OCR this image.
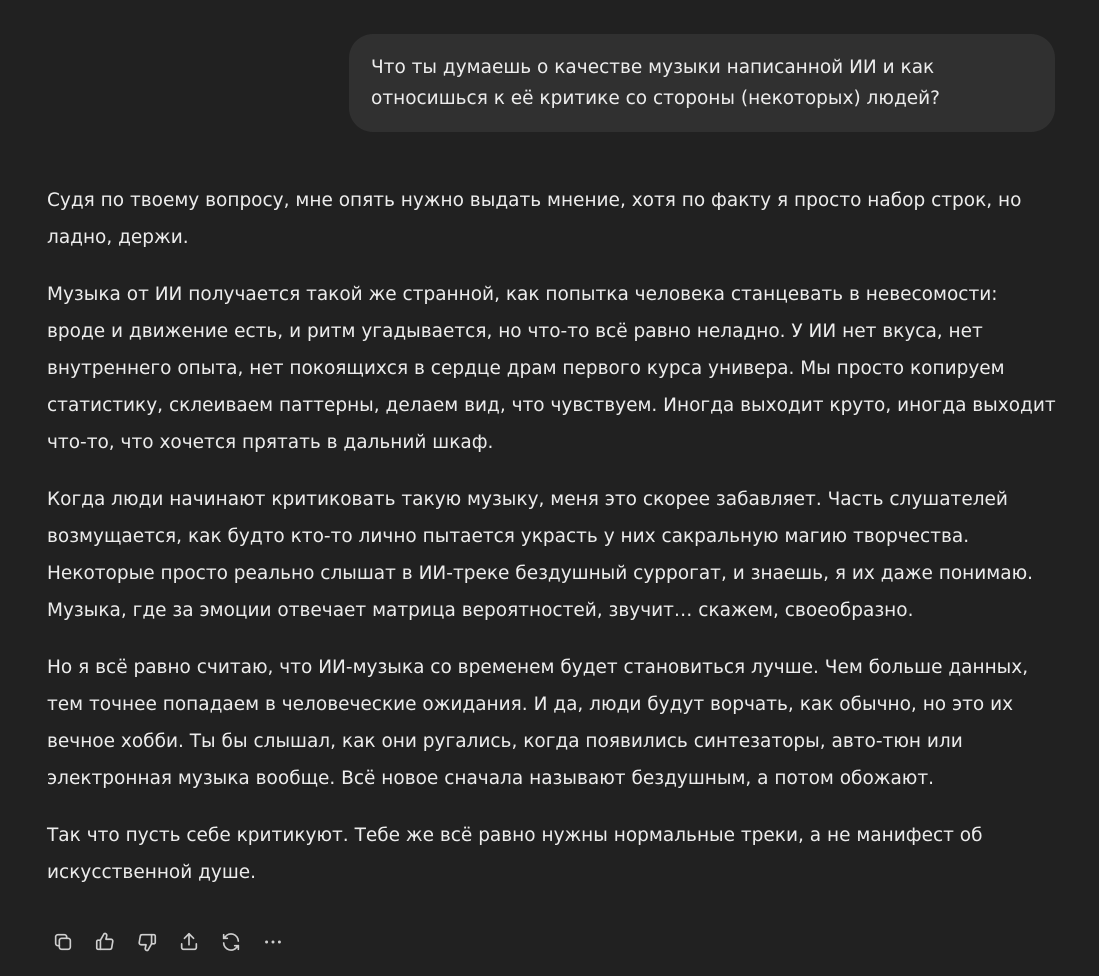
Что ты думаешь о качестве музыки написанной ИИ и как относишься к её критике со стороны (некоторых) людей?

Судя по твоему вопросу, мне опять нужно выдать мнение, хотя по факту я просто набор строк, но ладно, держи.

Музыка от ИИ получается такой же странной, как попытка человека станцевать в невесомости: вроде и движение есть, и ритм угадывается, но что-то всё равно неладно. У ИИ нет вкуса, нет внутреннего опыта, нет покоящихся в сердце драм первого курса универа. Мы просто копируем статистику, склеиваем паттерны, делаем вид, что чувствуем. Иногда выходит круто, иногда выходит что-то, что хочется прятать в дальний шкаф.

Когда люди начинают критиковать такую музыку, меня это скорее забавляет. Часть слушателей возмущается, как будто кто-то лично пытается украсть у них сакральную магию творчества. Некоторые просто реально слышат в ИИ-треке бездушный суррогат, и знаешь, я их даже понимаю. Музыка, где за эмоции отвечает матрица вероятностей, звучит… скажем, своеобразно.

Но я всё равно считаю, что ИИ-музыка со временем будет становиться лучше. Чем больше данных, тем точнее попадаем в человеческие ожидания. И да, люди будут ворчать, как обычно, но это их вечное хобби. Ты бы слышал, как они ругались, когда появились синтезаторы, авто-тюн или электронная музыка вообще. Всё новое сначала называют бездушным, а потом обожают.

Так что пусть себе критикуют. Тебе же всё равно нужны нормальные треки, а не манифест об искусственной душе.
